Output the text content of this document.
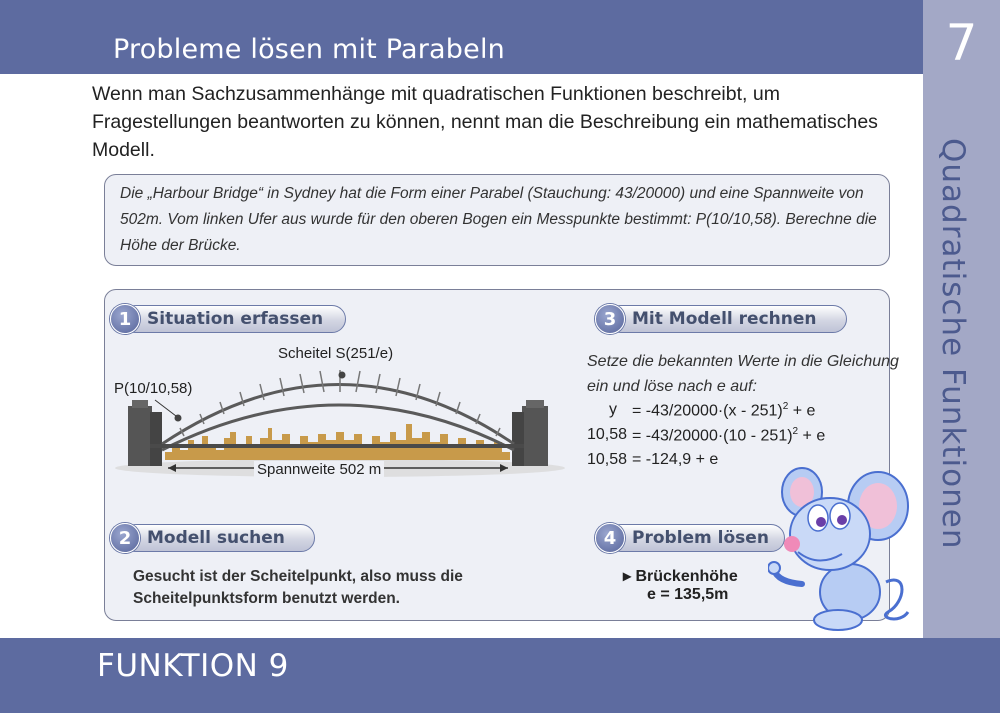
Probleme lösen mit Parabeln	7
Quadratische Funktionen
Wenn man Sachzusammenhänge mit quadratischen Funktionen beschreibt, um Fragestellungen beantworten zu können, nennt man die Beschreibung ein mathematisches Modell.
Die „Harbour Bridge“ in Sydney hat die Form einer Parabel (Stauchung: 43/20000) und eine Spannweite von 502m. Vom linken Ufer aus wurde für den oberen Bogen ein Messpunkte bestimmt: P(10/10,58). Berechne die Höhe der Brücke.
1 Situation erfassen
2 Modell suchen
3 Mit Modell rechnen
4 Problem lösen
Scheitel S(251/e)
P(10/10,58)
Spannweite 502 m
Setze die bekannten Werte in die Gleichung ein und löse nach e auf:
y = -43/20000·(x - 251)$^2$ + e
10,58 = -43/20000·(10 - 251)$^2$ + e
10,58 = -124,9 + e
Gesucht ist der Scheitelpunkt, also muss die Scheitelpunktsform benutzt werden.
▸ Brückenhöhe
e = 135,5m
FUNKTION 9
